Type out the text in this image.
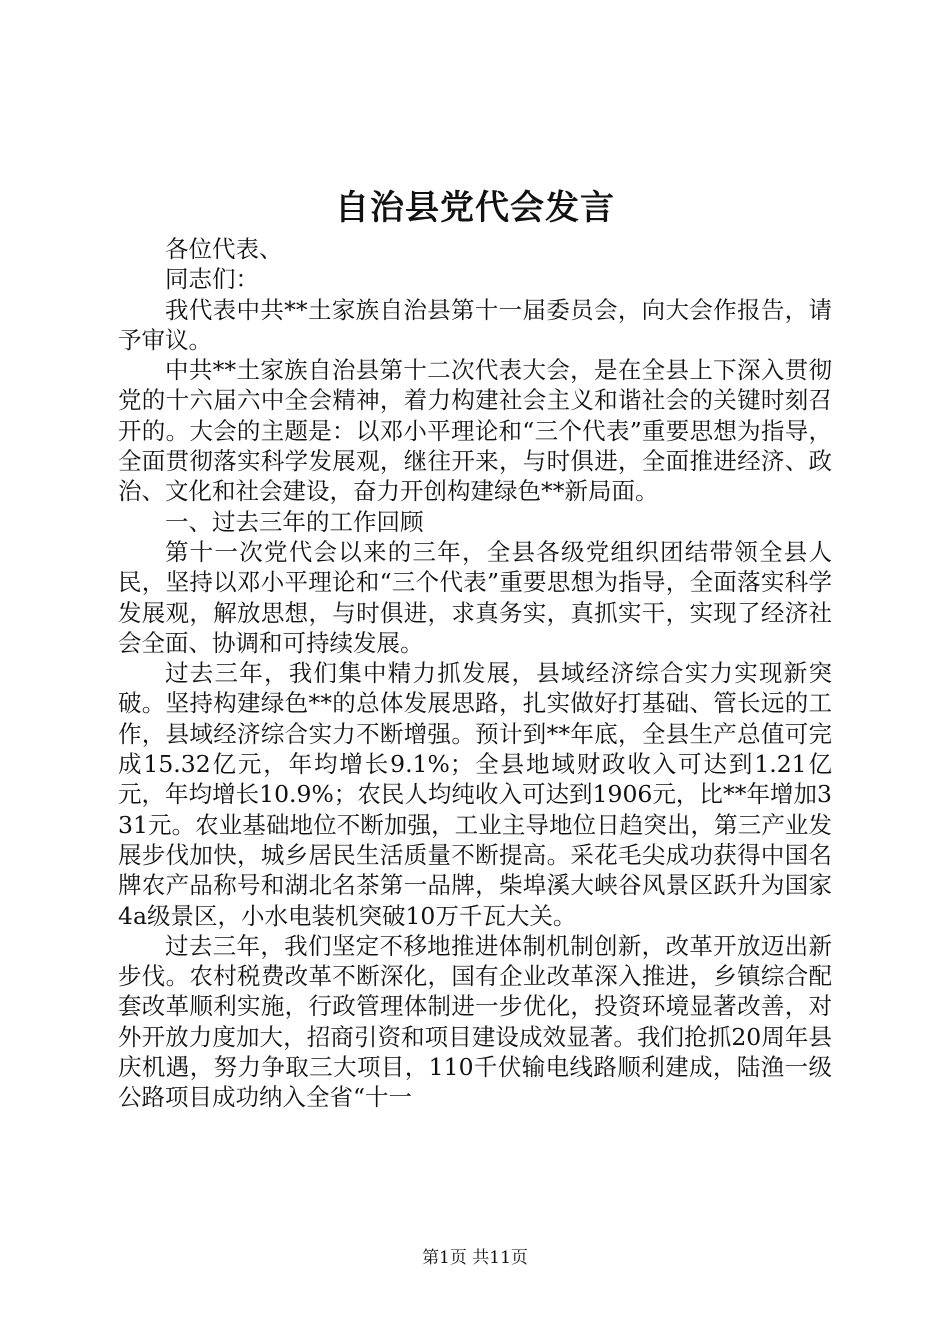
自治县党代会发言

各位代表、

同志们：

我代表中共**土家族自治县第十一届委员会，向大会作报告，请予审议。

中共**土家族自治县第十二次代表大会，是在全县上下深入贯彻党的十六届六中全会精神，着力构建社会主义和谐社会的关键时刻召开的。大会的主题是：以邓小平理论和“三个代表”重要思想为指导，全面贯彻落实科学发展观，继往开来，与时俱进，全面推进经济、政治、文化和社会建设，奋力开创构建绿色**新局面。

一、过去三年的工作回顾

第十一次党代会以来的三年，全县各级党组织团结带领全县人民，坚持以邓小平理论和“三个代表”重要思想为指导，全面落实科学发展观，解放思想，与时俱进，求真务实，真抓实干，实现了经济社会全面、协调和可持续发展。

过去三年，我们集中精力抓发展，县域经济综合实力实现新突破。坚持构建绿色**的总体发展思路，扎实做好打基础、管长远的工作，县域经济综合实力不断增强。预计到**年底，全县生产总值可完成15.32亿元，年均增长9.1%；全县地域财政收入可达到1.21亿元，年均增长10.9%；农民人均纯收入可达到1906元，比**年增加331元。农业基础地位不断加强，工业主导地位日趋突出，第三产业发展步伐加快，城乡居民生活质量不断提高。采花毛尖成功获得中国名牌农产品称号和湖北名茶第一品牌，柴埠溪大峡谷风景区跃升为国家4a级景区，小水电装机突破10万千瓦大关。

过去三年，我们坚定不移地推进体制机制创新，改革开放迈出新步伐。农村税费改革不断深化，国有企业改革深入推进，乡镇综合配套改革顺利实施，行政管理体制进一步优化，投资环境显著改善，对外开放力度加大，招商引资和项目建设成效显著。我们抢抓20周年县庆机遇，努力争取三大项目，110千伏输电线路顺利建成，陆渔一级公路项目成功纳入全省“十一

第1页 共11页
